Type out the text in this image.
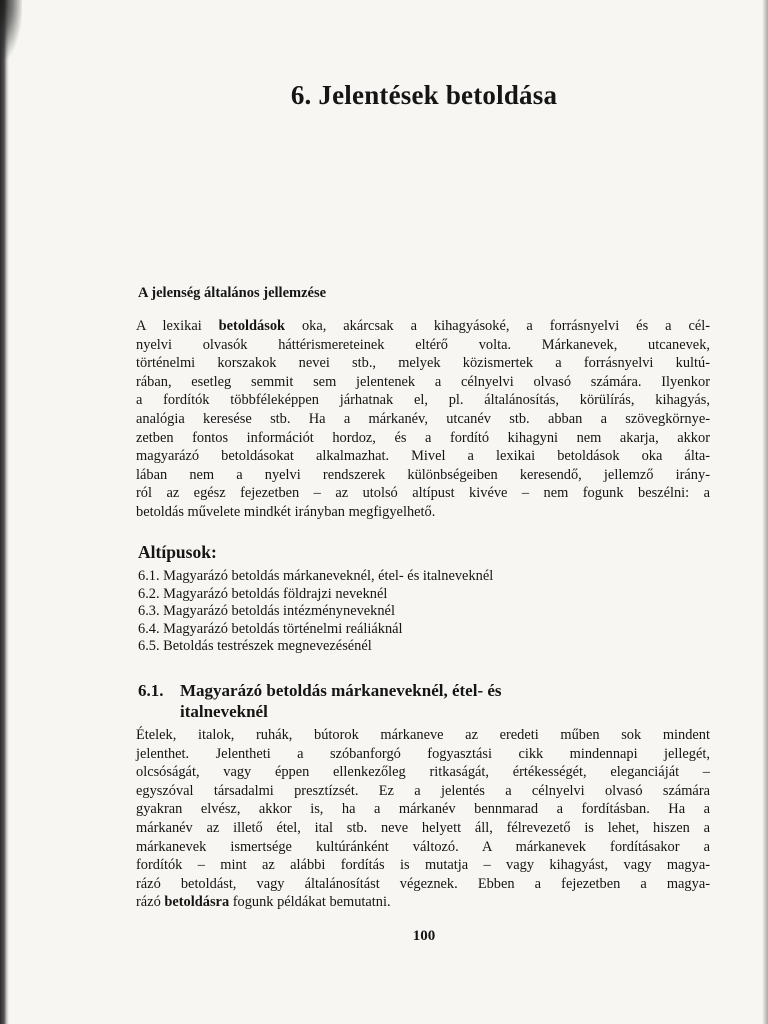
6. Jelentések betoldása
A jelenség általános jellemzése
A lexikai betoldások oka, akárcsak a kihagyásoké, a forrásnyelvi és a cél-
nyelvi olvasók háttérismereteinek eltérő volta. Márkanevek, utcanevek,
történelmi korszakok nevei stb., melyek közismertek a forrásnyelvi kultú-
rában, esetleg semmit sem jelentenek a célnyelvi olvasó számára. Ilyenkor
a fordítók többféleképpen járhatnak el, pl. általánosítás, körülírás, kihagyás,
analógia keresése stb. Ha a márkanév, utcanév stb. abban a szövegkörnye-
zetben fontos információt hordoz, és a fordító kihagyni nem akarja, akkor
magyarázó betoldásokat alkalmazhat. Mivel a lexikai betoldások oka álta-
lában nem a nyelvi rendszerek különbségeiben keresendő, jellemző irány-
ról az egész fejezetben – az utolsó altípust kivéve – nem fogunk beszélni: a
betoldás művelete mindkét irányban megfigyelhető.
Altípusok:
6.1. Magyarázó betoldás márkaneveknél, étel- és italneveknél
6.2. Magyarázó betoldás földrajzi neveknél
6.3. Magyarázó betoldás intézményneveknél
6.4. Magyarázó betoldás történelmi reáliáknál
6.5. Betoldás testrészek megnevezésénél
6.1. Magyarázó betoldás márkaneveknél, étel- és
italneveknél
Ételek, italok, ruhák, bútorok márkaneve az eredeti műben sok mindent
jelenthet. Jelentheti a szóbanforgó fogyasztási cikk mindennapi jellegét,
olcsóságát, vagy éppen ellenkezőleg ritkaságát, értékességét, eleganciáját –
egyszóval társadalmi presztízsét. Ez a jelentés a célnyelvi olvasó számára
gyakran elvész, akkor is, ha a márkanév bennmarad a fordításban. Ha a
márkanév az illető étel, ital stb. neve helyett áll, félrevezető is lehet, hiszen a
márkanevek ismertsége kultúránként változó. A márkanevek fordításakor a
fordítók – mint az alábbi fordítás is mutatja – vagy kihagyást, vagy magya-
rázó betoldást, vagy általánosítást végeznek. Ebben a fejezetben a magya-
rázó betoldásra fogunk példákat bemutatni.
100
